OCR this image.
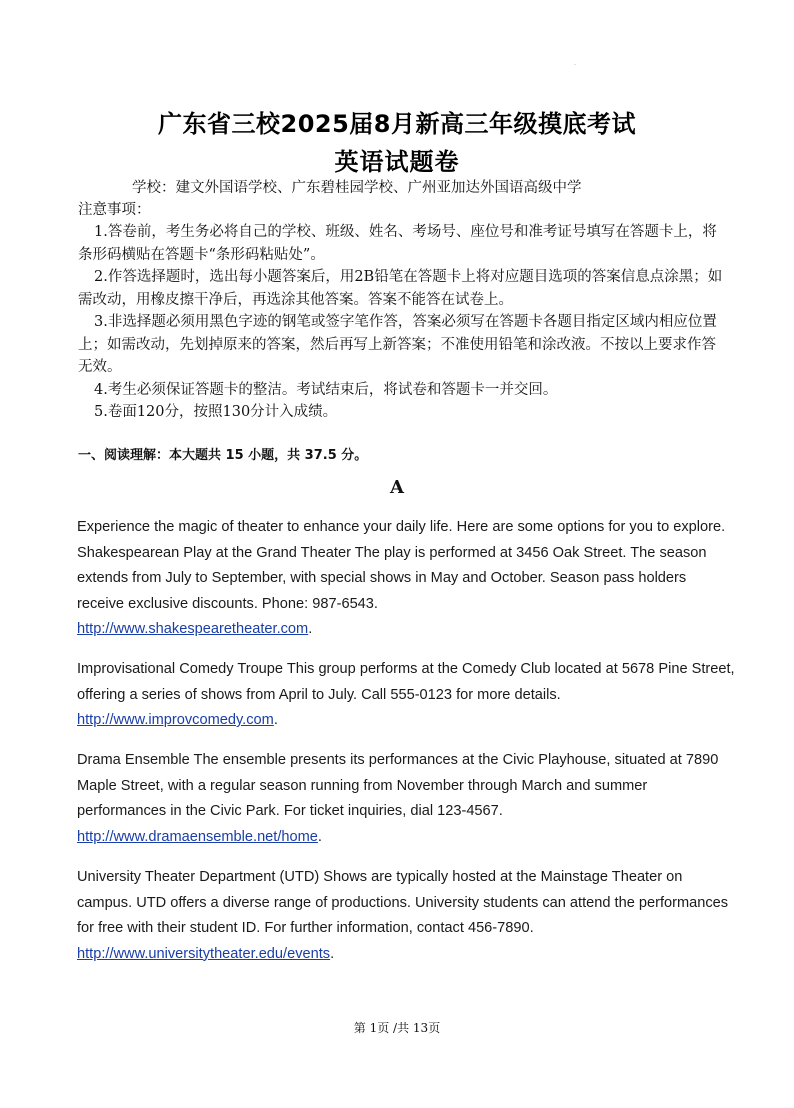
.
广东省三校2025届8月新高三年级摸底考试
英语试题卷
学校：建文外国语学校、广东碧桂园学校、广州亚加达外国语高级中学
注意事项：

1.答卷前，考生务必将自己的学校、班级、姓名、考场号、座位号和准考证号填写在答题卡上，将条形码横贴在答题卡“条形码粘贴处”。

2.作答选择题时，选出每小题答案后，用2B铅笔在答题卡上将对应题目选项的答案信息点涂黑；如需改动，用橡皮擦干净后，再选涂其他答案。答案不能答在试卷上。

3.非选择题必须用黑色字迹的钢笔或签字笔作答，答案必须写在答题卡各题目指定区域内相应位置上；如需改动，先划掉原来的答案，然后再写上新答案；不准使用铅笔和涂改液。不按以上要求作答无效。

4.考生必须保证答题卡的整洁。考试结束后，将试卷和答题卡一并交回。

5.卷面120分，按照130分计入成绩。

一、阅读理解：本大题共 15 小题，共 37.5 分。
A

Experience the magic of theater to enhance your daily life. Here are some options for you to explore. Shakespearean Play at the Grand Theater The play is performed at 3456 Oak Street. The season extends from July to September, with special shows in May and October. Season pass holders receive exclusive discounts. Phone: 987-6543.

http://www.shakespearetheater.com.

Improvisational Comedy Troupe This group performs at the Comedy Club located at 5678 Pine Street, offering a series of shows from April to July. Call 555-0123 for more details.

http://www.improvcomedy.com.

Drama Ensemble The ensemble presents its performances at the Civic Playhouse, situated at 7890 Maple Street, with a regular season running from November through March and summer performances in the Civic Park. For ticket inquiries, dial 123-4567.

http://www.dramaensemble.net/home.

University Theater Department (UTD) Shows are typically hosted at the Mainstage Theater on campus. UTD offers a diverse range of productions. University students can attend the performances for free with their student ID. For further information, contact 456-7890.

http://www.universitytheater.edu/events.

第 1页 /共 13页
